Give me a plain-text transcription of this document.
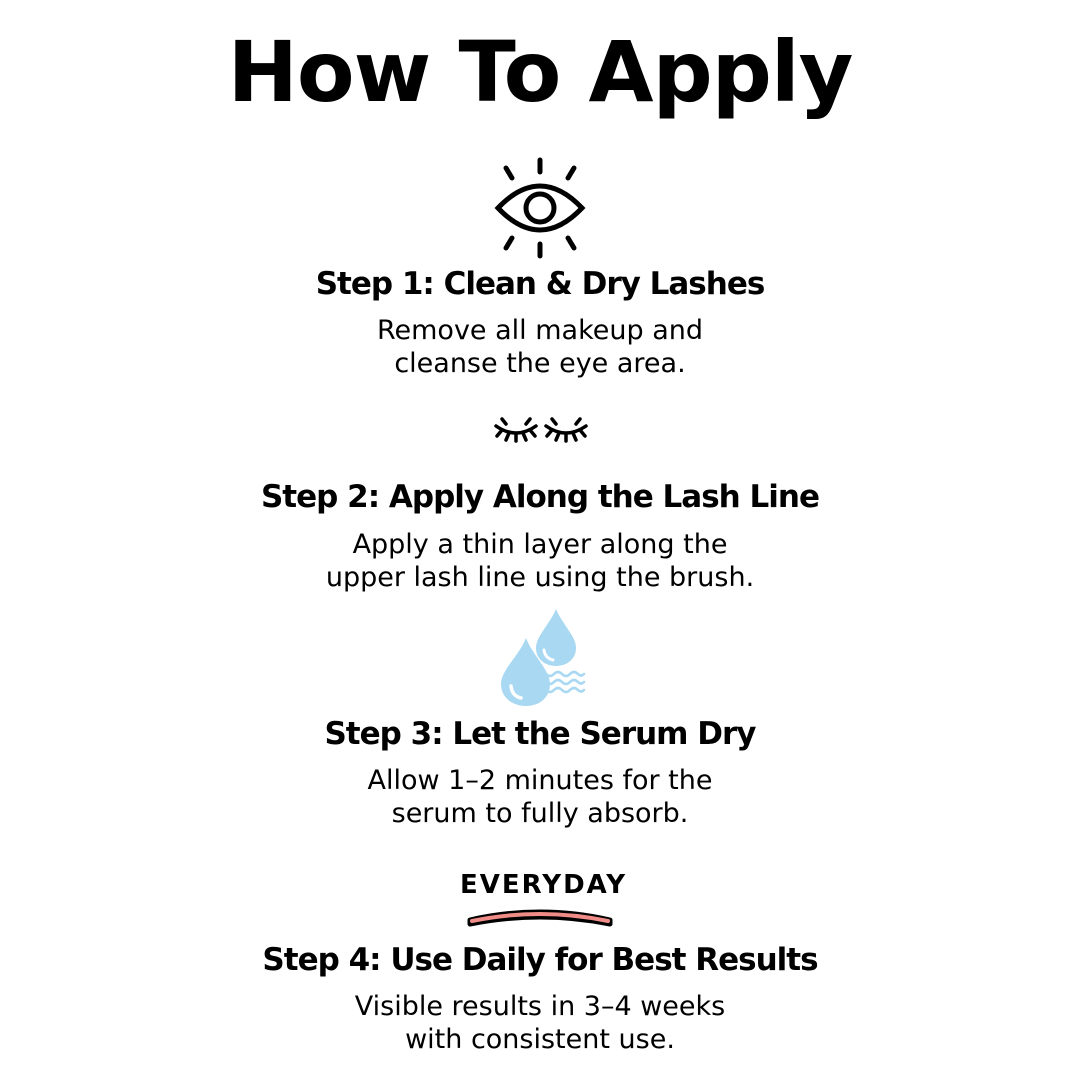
How To Apply
Step 1: Clean & Dry Lashes
Remove all makeup and
cleanse the eye area.
Step 2: Apply Along the Lash Line
Apply a thin layer along the
upper lash line using the brush.
Step 3: Let the Serum Dry
Allow 1–2 minutes for the
serum to fully absorb.
EVERYDAY
Step 4: Use Daily for Best Results
Visible results in 3–4 weeks
with consistent use.
